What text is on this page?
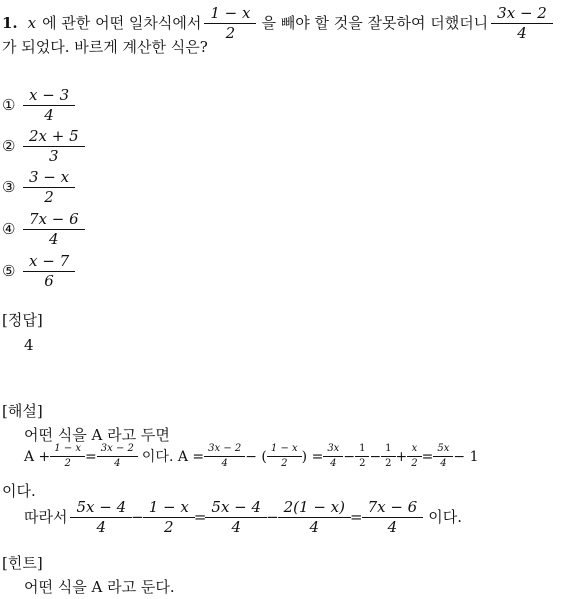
1. x 에 관한 어떤 일차식에서 $\frac{1 - x}{2}$ 을 빼야 할 것을 잘못하여 더했더니 $\frac{3x - 2}{4}$
가 되었다. 바르게 계산한 식은?
① $\frac{x - 3}{4}$
② $\frac{2x + 5}{3}$
③ $\frac{3 - x}{2}$
④ $\frac{7x - 6}{4}$
⑤ $\frac{x - 7}{6}$
[정답]
4
[해설]
어떤 식을 A 라고 두면
$A + \frac{1 - x}{2} = \frac{3x - 2}{4}$ 이다. $A = \frac{3x - 2}{4}$ − ( $\frac{1 - x}{2}$ ) = $\frac{3x}{4} - \frac{1}{2} - \frac{1}{2} + \frac{x}{2} = \frac{5x}{4} - 1$
이다.
따라서 $\frac{5x - 4}{4} - \frac{1 - x}{2} = \frac{5x - 4}{4} - \frac{2(1 - x)}{4} = \frac{7x - 6}{4}$ 이다.
[힌트]
어떤 식을 A 라고 둔다.
